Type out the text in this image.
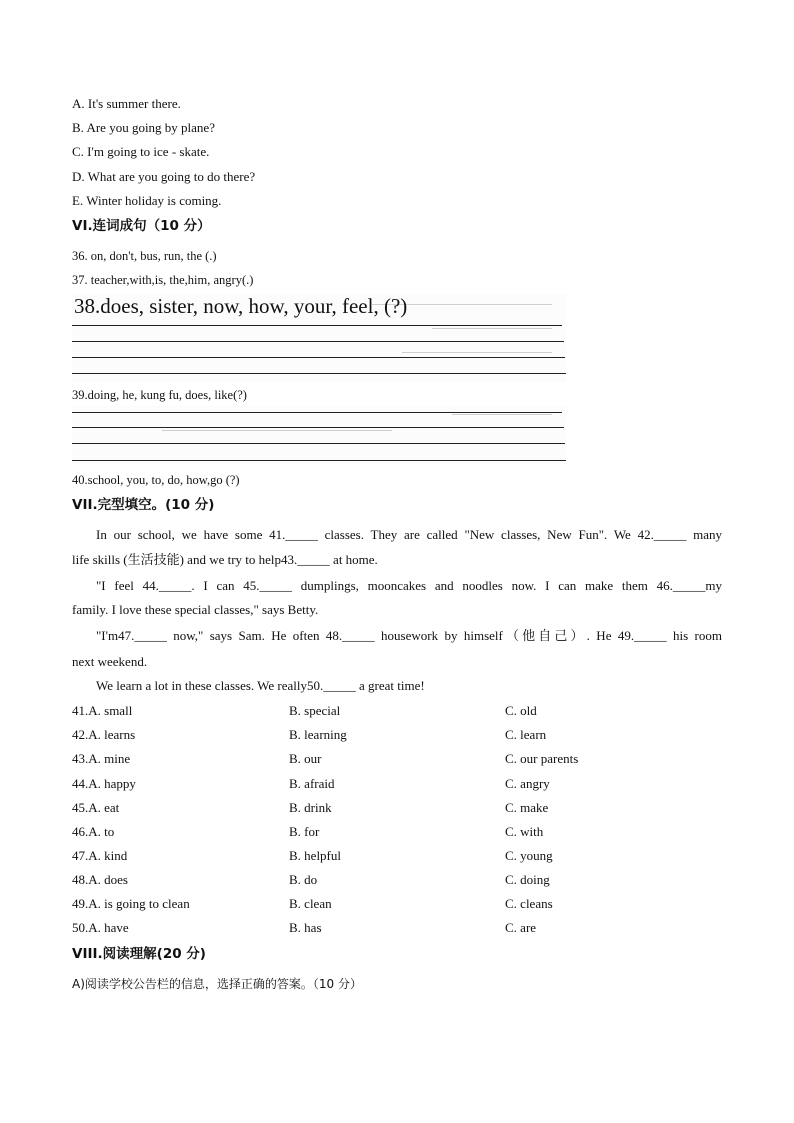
A. It's summer there.
B. Are you going by plane?
C. I'm going to ice - skate.
D. What are you going to do there?
E. Winter holiday is coming.
VI.连词成句（10 分）
36. on, don't, bus, run, the (.)
37. teacher,with,is, the,him, angry(.)
38.does, sister, now, how, your, feel, (?)
39.doing, he, kung fu, does, like(?)
40.school, you, to, do, how,go (?)
VII.完型填空。(10 分)
In our school, we have some 41._____ classes. They are called "New classes, New Fun". We 42._____ many
life skills (生活技能) and we try to help43._____ at home.
"I feel 44._____. I can 45._____ dumplings, mooncakes and noodles now. I can make them 46._____my
family. I love these special classes," says Betty.
"I'm47._____ now," says Sam. He often 48._____ housework by himself（他自己）. He 49._____ his room
next weekend.
We learn a lot in these classes. We really50._____ a great time!
41.A. small	B. special	C. old
42.A. learns	B. learning	C. learn
43.A. mine	B. our	C. our parents
44.A. happy	B. afraid	C. angry
45.A. eat	B. drink	C. make
46.A. to	B. for	C. with
47.A. kind	B. helpful	C. young
48.A. does	B. do	C. doing
49.A. is going to clean	B. clean	C. cleans
50.A. have	B. has	C. are
VIII.阅读理解(20 分)
A)阅读学校公告栏的信息，选择正确的答案。（10 分）
